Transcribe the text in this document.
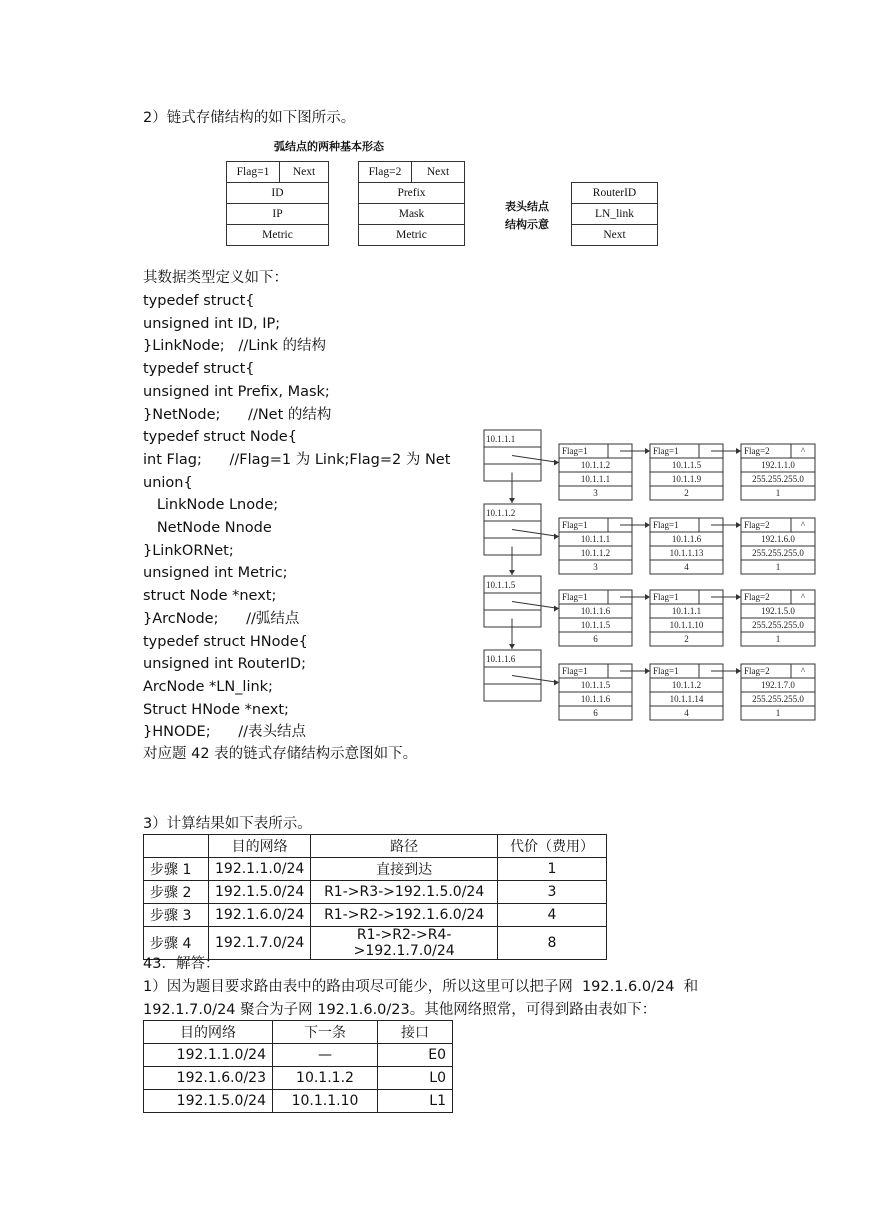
2）链式存储结构的如下图所示。
弧结点的两种基本形态
Flag=1	Next
ID
IP
Metric
Flag=2	Next
Prefix
Mask
Metric
表头结点
结构示意
RouterID
LN_link
Next
其数据类型定义如下：
typedef struct{
unsigned int ID, IP;
}LinkNode;   //Link 的结构
typedef struct{
unsigned int Prefix, Mask;
}NetNode;      //Net 的结构
typedef struct Node{
int Flag;      //Flag=1 为 Link;Flag=2 为 Net
union{
LinkNode Lnode;
NetNode Nnode
}LinkORNet;
unsigned int Metric;
struct Node *next;
}ArcNode;      //弧结点
typedef struct HNode{
unsigned int RouterID;
ArcNode *LN_link;
Struct HNode *next;
}HNODE;      //表头结点
10.1.1.1
Flag=1
10.1.1.2
10.1.1.1
3
Flag=1
10.1.1.5
10.1.1.9
2
Flag=2	^
192.1.1.0
255.255.255.0
1
10.1.1.2
Flag=1
10.1.1.1
10.1.1.2
3
Flag=1
10.1.1.6
10.1.1.13
4
Flag=2	^
192.1.6.0
255.255.255.0
1
10.1.1.5
Flag=1
10.1.1.6
10.1.1.5
6
Flag=1
10.1.1.1
10.1.1.10
2
Flag=2	^
192.1.5.0
255.255.255.0
1
10.1.1.6
Flag=1
10.1.1.5
10.1.1.6
6
Flag=1
10.1.1.2
10.1.1.14
4
Flag=2	^
192.1.7.0
255.255.255.0
1
对应题 42 表的链式存储结构示意图如下。
3）计算结果如下表所示。
	目的网络	路径	代价（费用）
步骤 1	192.1.1.0/24	直接到达	1
步骤 2	192.1.5.0/24	R1->R3->192.1.5.0/24	3
步骤 3	192.1.6.0/24	R1->R2->192.1.6.0/24	4
步骤 4	192.1.7.0/24	R1->R2->R4->192.1.7.0/24	8
43．解答：
1）因为题目要求路由表中的路由项尽可能少，所以这里可以把子网  192.1.6.0/24  和
192.1.7.0/24 聚合为子网 192.1.6.0/23。其他网络照常，可得到路由表如下：
目的网络	下一条	接口
192.1.1.0/24	—	E0
192.1.6.0/23	10.1.1.2	L0
192.1.5.0/24	10.1.1.10	L1
